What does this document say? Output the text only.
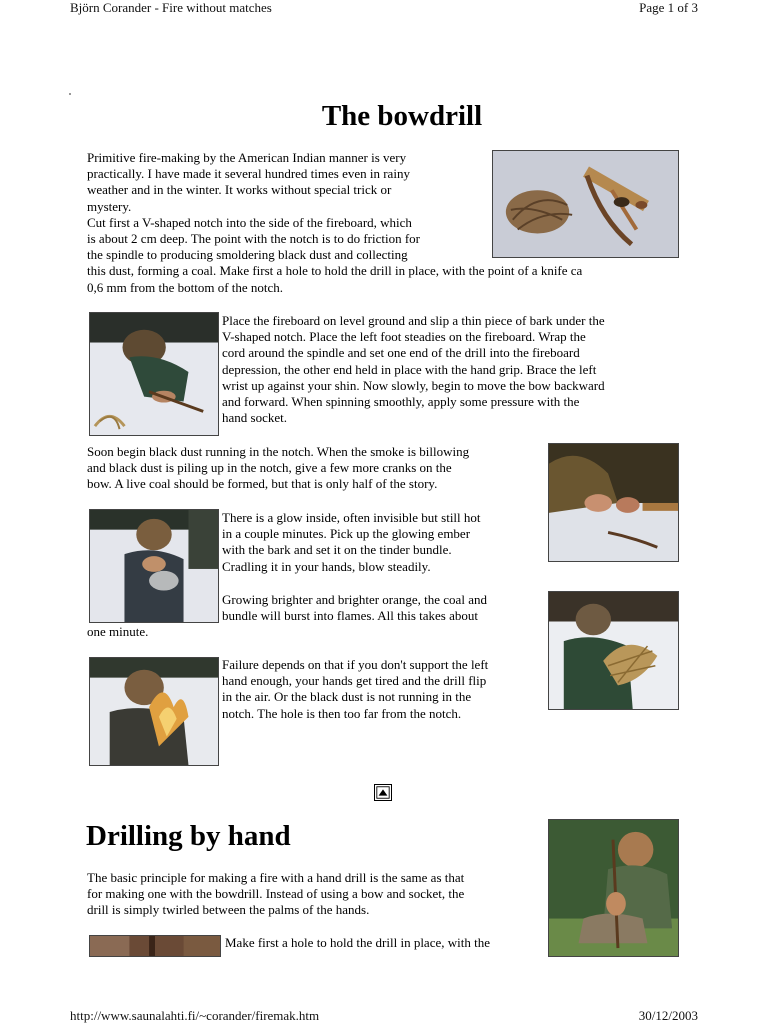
Björn Corander - Fire without matches	Page 1 of 3
The bowdrill
Primitive fire-making by the American Indian manner is very
practically. I have made it several hundred times even in rainy
weather and in the winter. It works without special trick or
mystery.
Cut first a V-shaped notch into the side of the fireboard, which
is about 2 cm deep. The point with the notch is to do friction for
the spindle to producing smoldering black dust and collecting
this dust, forming a coal. Make first a hole to hold the drill in place, with the point of a knife ca
0,6 mm from the bottom of the notch.
Place the fireboard on level ground and slip a thin piece of bark under the
V-shaped notch. Place the left foot steadies on the fireboard. Wrap the
cord around the spindle and set one end of the drill into the fireboard
depression, the other end held in place with the hand grip. Brace the left
wrist up against your shin. Now slowly, begin to move the bow backward
and forward. When spinning smoothly, apply some pressure with the
hand socket.
Soon begin black dust running in the notch. When the smoke is billowing
and black dust is piling up in the notch, give a few more cranks on the
bow. A live coal should be formed, but that is only half of the story.
There is a glow inside, often invisible but still hot
in a couple minutes. Pick up the glowing ember
with the bark and set it on the tinder bundle.
Cradling it in your hands, blow steadily.
Growing brighter and brighter orange, the coal and
bundle will burst into flames. All this takes about
one minute.
Failure depends on that if you don't support the left
hand enough, your hands get tired and the drill flip
in the air. Or the black dust is not running in the
notch. The hole is then too far from the notch.
Drilling by hand
The basic principle for making a fire with a hand drill is the same as that
for making one with the bowdrill. Instead of using a bow and socket, the
drill is simply twirled between the palms of the hands.
Make first a hole to hold the drill in place, with the
http://www.saunalahti.fi/~corander/firemak.htm	30/12/2003
